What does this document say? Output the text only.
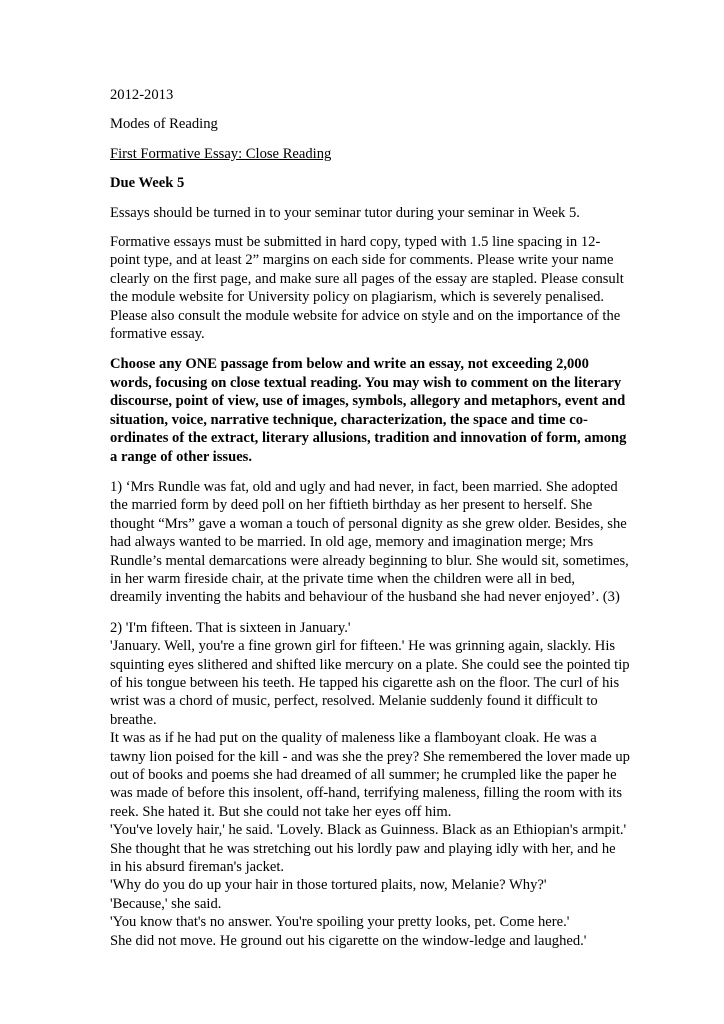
2012-2013

Modes of Reading

First Formative Essay: Close Reading

Due Week 5

Essays should be turned in to your seminar tutor during your seminar in Week 5.

Formative essays must be submitted in hard copy, typed with 1.5 line spacing in 12-point type, and at least 2” margins on each side for comments. Please write your name clearly on the first page, and make sure all pages of the essay are stapled. Please consult the module website for University policy on plagiarism, which is severely penalised. Please also consult the module website for advice on style and on the importance of the formative essay.

Choose any ONE passage from below and write an essay, not exceeding 2,000 words, focusing on close textual reading. You may wish to comment on the literary discourse, point of view, use of images, symbols, allegory and metaphors, event and situation, voice, narrative technique, characterization, the space and time co-ordinates of the extract, literary allusions, tradition and innovation of form, among a range of other issues.

1) ‘Mrs Rundle was fat, old and ugly and had never, in fact, been married. She adopted the married form by deed poll on her fiftieth birthday as her present to herself. She thought “Mrs” gave a woman a touch of personal dignity as she grew older. Besides, she had always wanted to be married. In old age, memory and imagination merge; Mrs Rundle’s mental demarcations were already beginning to blur. She would sit, sometimes, in her warm fireside chair, at the private time when the children were all in bed, dreamily inventing the habits and behaviour of the husband she had never enjoyed’. (3)

2) 'I'm fifteen. That is sixteen in January.'

'January. Well, you're a fine grown girl for fifteen.' He was grinning again, slackly. His squinting eyes slithered and shifted like mercury on a plate. She could see the pointed tip of his tongue between his teeth. He tapped his cigarette ash on the floor. The curl of his wrist was a chord of music, perfect, resolved. Melanie suddenly found it difficult to breathe.

It was as if he had put on the quality of maleness like a flamboyant cloak. He was a tawny lion poised for the kill - and was she the prey? She remembered the lover made up out of books and poems she had dreamed of all summer; he crumpled like the paper he was made of before this insolent, off-hand, terrifying maleness, filling the room with its reek. She hated it. But she could not take her eyes off him.

'You've lovely hair,' he said. 'Lovely. Black as Guinness. Black as an Ethiopian's armpit.'

She thought that he was stretching out his lordly paw and playing idly with her, and he in his absurd fireman's jacket.

'Why do you do up your hair in those tortured plaits, now, Melanie? Why?'

'Because,' she said.

'You know that's no answer. You're spoiling your pretty looks, pet. Come here.'

She did not move. He ground out his cigarette on the window-ledge and laughed.'
